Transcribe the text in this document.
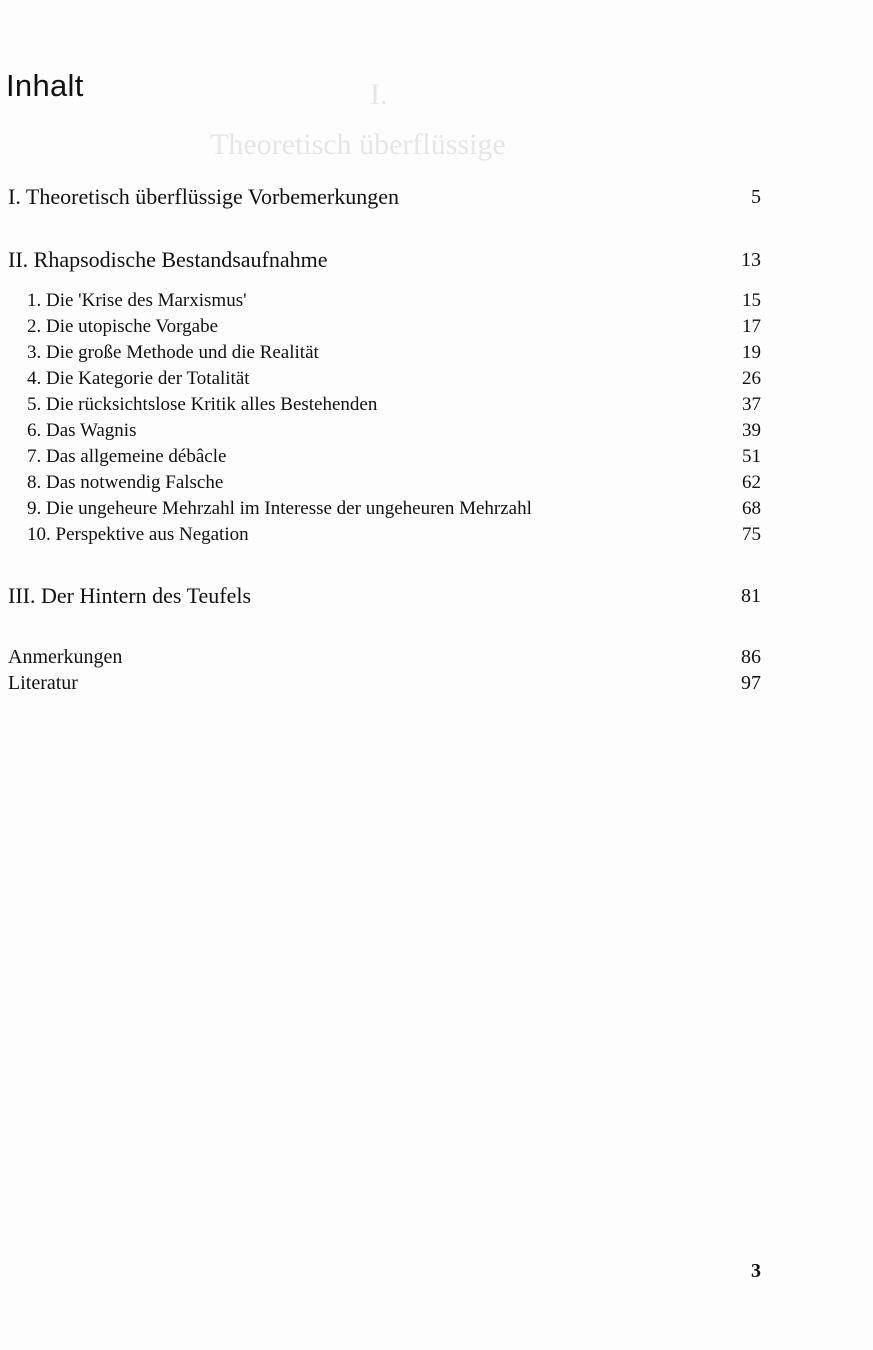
I.
Theoretisch überflüssige
Inhalt
I. Theoretisch überflüssige Vorbemerkungen	5
II. Rhapsodische Bestandsaufnahme	13
1. Die 'Krise des Marxismus'	15
2. Die utopische Vorgabe	17
3. Die große Methode und die Realität	19
4. Die Kategorie der Totalität	26
5. Die rücksichtslose Kritik alles Bestehenden	37
6. Das Wagnis	39
7. Das allgemeine débâcle	51
8. Das notwendig Falsche	62
9. Die ungeheure Mehrzahl im Interesse der ungeheuren Mehrzahl	68
10. Perspektive aus Negation	75
III. Der Hintern des Teufels	81
Anmerkungen	86
Literatur	97
3
